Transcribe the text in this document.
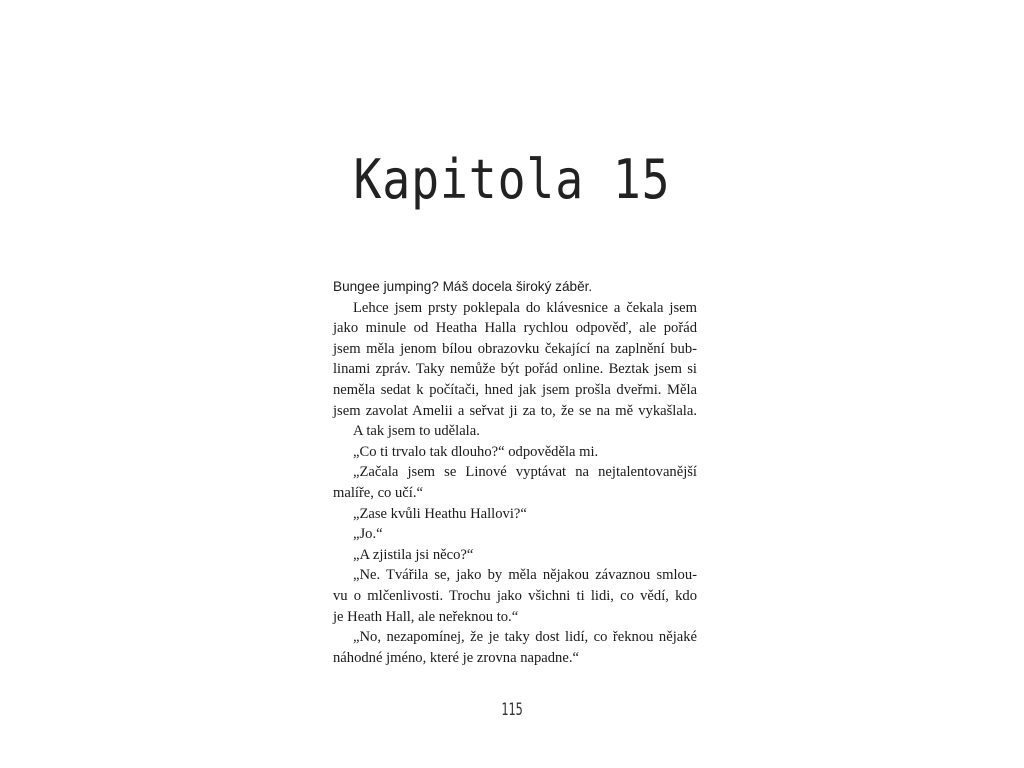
Kapitola 15
Bungee jumping? Máš docela široký záběr.
Lehce jsem prsty poklepala do klávesnice a čekala jsem
jako minule od Heatha Halla rychlou odpověď, ale pořád
jsem měla jenom bílou obrazovku čekající na zaplnění bub-
linami zpráv. Taky nemůže být pořád online. Beztak jsem si
neměla sedat k počítači, hned jak jsem prošla dveřmi. Měla
jsem zavolat Amelii a seřvat ji za to, že se na mě vykašlala.
A tak jsem to udělala.
„Co ti trvalo tak dlouho?“ odpověděla mi.
„Začala jsem se Linové vyptávat na nejtalentovanější
malíře, co učí.“
„Zase kvůli Heathu Hallovi?“
„Jo.“
„A zjistila jsi něco?“
„Ne. Tvářila se, jako by měla nějakou závaznou smlou-
vu o mlčenlivosti. Trochu jako všichni ti lidi, co vědí, kdo
je Heath Hall, ale neřeknou to.“
„No, nezapomínej, že je taky dost lidí, co řeknou nějaké
náhodné jméno, které je zrovna napadne.“
115
